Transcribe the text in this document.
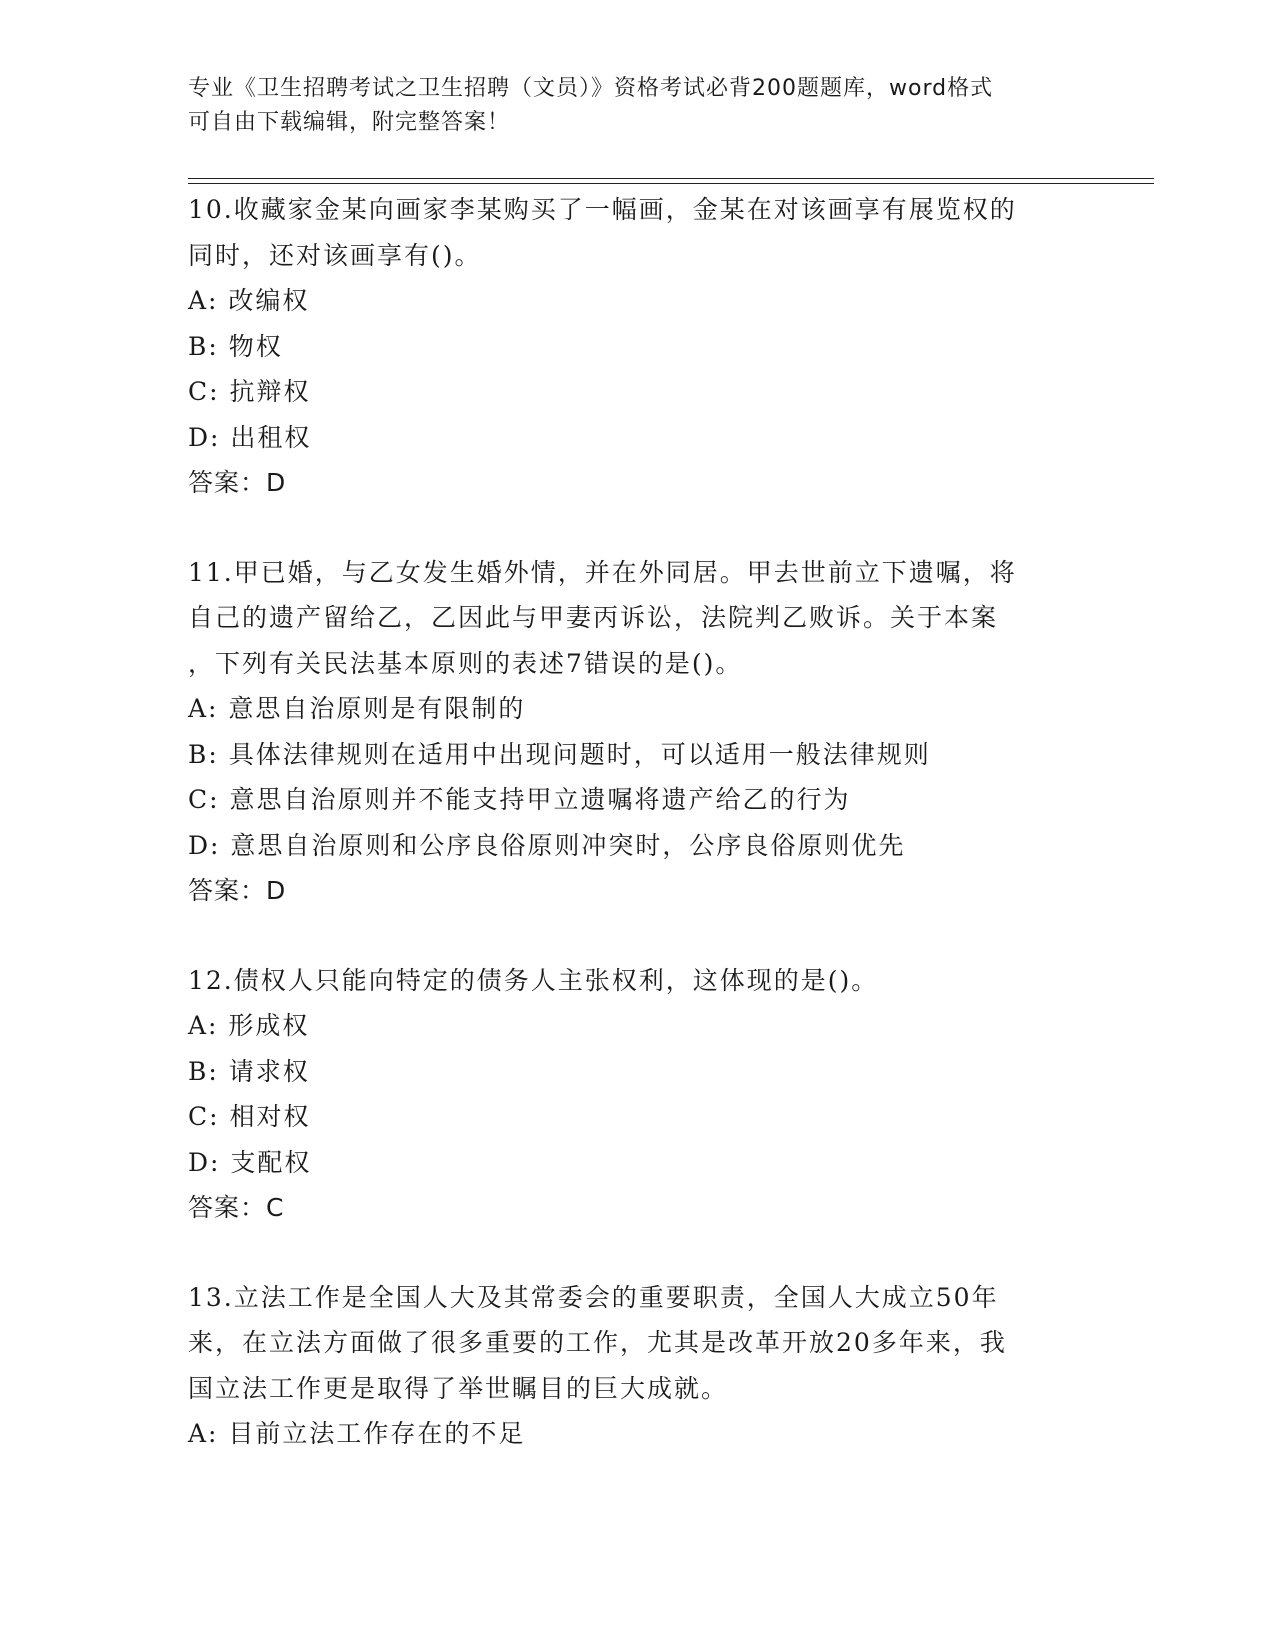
专业《卫生招聘考试之卫生招聘（文员）》资格考试必背200题题库，word格式
可自由下载编辑，附完整答案！
10.收藏家金某向画家李某购买了一幅画，金某在对该画享有展览权的
同时，还对该画享有()。
A: 改编权
B: 物权
C: 抗辩权
D: 出租权
答案：D
11.甲已婚，与乙女发生婚外情，并在外同居。甲去世前立下遗嘱，将
自己的遗产留给乙，乙因此与甲妻丙诉讼，法院判乙败诉。关于本案
，下列有关民法基本原则的表述7错误的是()。
A: 意思自治原则是有限制的
B: 具体法律规则在适用中出现问题时，可以适用一般法律规则
C: 意思自治原则并不能支持甲立遗嘱将遗产给乙的行为
D: 意思自治原则和公序良俗原则冲突时，公序良俗原则优先
答案：D
12.债权人只能向特定的债务人主张权利，这体现的是()。
A: 形成权
B: 请求权
C: 相对权
D: 支配权
答案：C
13.立法工作是全国人大及其常委会的重要职责，全国人大成立50年
来，在立法方面做了很多重要的工作，尤其是改革开放20多年来，我
国立法工作更是取得了举世瞩目的巨大成就。
A: 目前立法工作存在的不足
